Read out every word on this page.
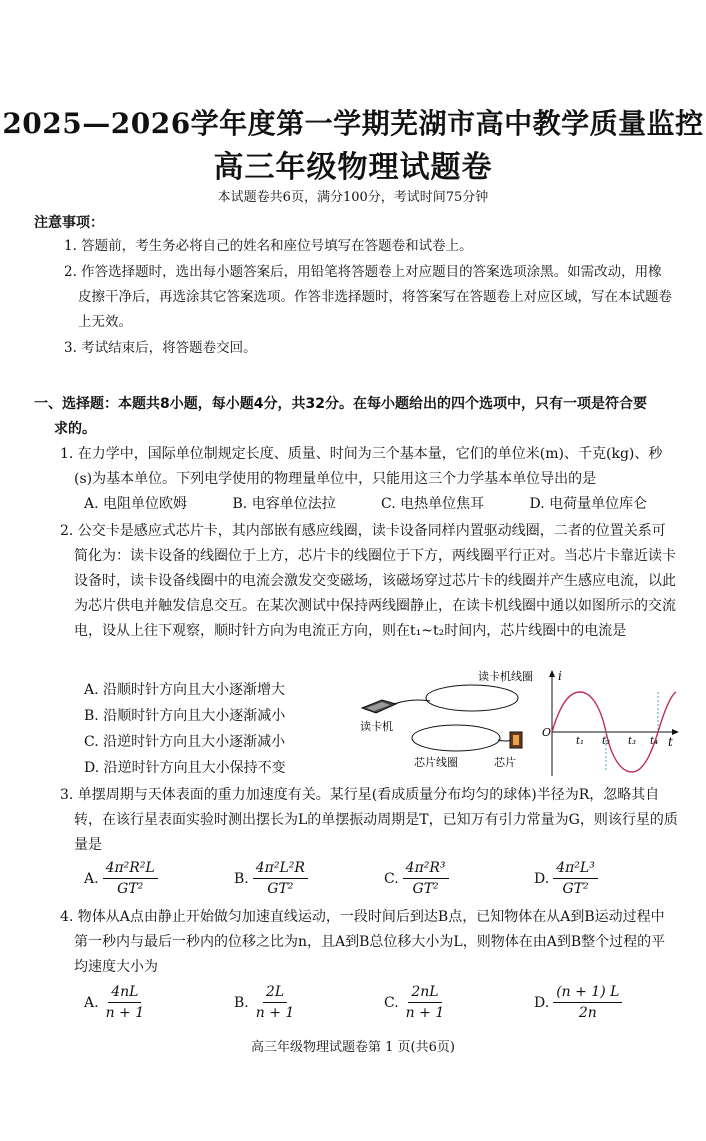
2025—2026学年度第一学期芜湖市高中教学质量监控
高三年级物理试题卷
本试题卷共6页，满分100分，考试时间75分钟
注意事项：
1. 答题前，考生务必将自己的姓名和座位号填写在答题卷和试卷上。
2. 作答选择题时，选出每小题答案后，用铅笔将答题卷上对应题目的答案选项涂黑。如需改动，用橡皮擦干净后，再选涂其它答案选项。作答非选择题时，将答案写在答题卷上对应区域，写在本试题卷上无效。
3. 考试结束后，将答题卷交回。
一、选择题：本题共8小题，每小题4分，共32分。在每小题给出的四个选项中，只有一项是符合要
求的。
1. 在力学中，国际单位制规定长度、质量、时间为三个基本量，它们的单位米(m)、千克(kg)、秒(s)为基本单位。下列电学使用的物理量单位中，只能用这三个力学基本单位导出的是
A. 电阻单位欧姆	B. 电容单位法拉	C. 电热单位焦耳	D. 电荷量单位库仑
2. 公交卡是感应式芯片卡，其内部嵌有感应线圈，读卡设备同样内置驱动线圈，二者的位置关系可简化为：读卡设备的线圈位于上方，芯片卡的线圈位于下方，两线圈平行正对。当芯片卡靠近读卡设备时，读卡设备线圈中的电流会激发交变磁场，该磁场穿过芯片卡的线圈并产生感应电流，以此为芯片供电并触发信息交互。在某次测试中保持两线圈静止，在读卡机线圈中通以如图所示的交流电，设从上往下观察，顺时针方向为电流正方向，则在t₁~t₂时间内，芯片线圈中的电流是
A. 沿顺时针方向且大小逐渐增大
B. 沿顺时针方向且大小逐渐减小
C. 沿逆时针方向且大小逐渐减小
D. 沿逆时针方向且大小保持不变
读卡机
读卡机线圈
芯片线圈	芯片
i
t
O
t₁ t₂ t₃ t₄
3. 单摆周期与天体表面的重力加速度有关。某行星(看成质量分布均匀的球体)半径为R，忽略其自转，在该行星表面实验时测出摆长为L的单摆振动周期是T，已知万有引力常量为G，则该行星的质量是
A. $\frac{\text{4π²R²L}}{\text{GT²}}$	B. $\frac{\text{4π²L²R}}{\text{GT²}}$	C. $\frac{\text{4π²R³}}{\text{GT²}}$	D. $\frac{\text{4π²L³}}{\text{GT²}}$
4. 物体从A点由静止开始做匀加速直线运动，一段时间后到达B点，已知物体在从A到B运动过程中第一秒内与最后一秒内的位移之比为n，且A到B总位移大小为L，则物体在由A到B整个过程的平均速度大小为
A. $\frac{4nL}{n + 1}$	B. $\frac{2L}{n + 1}$	C. $\frac{2nL}{n + 1}$	D. $\frac{(n + 1) L}{2n}$
高三年级物理试题卷第 1 页(共6页)
